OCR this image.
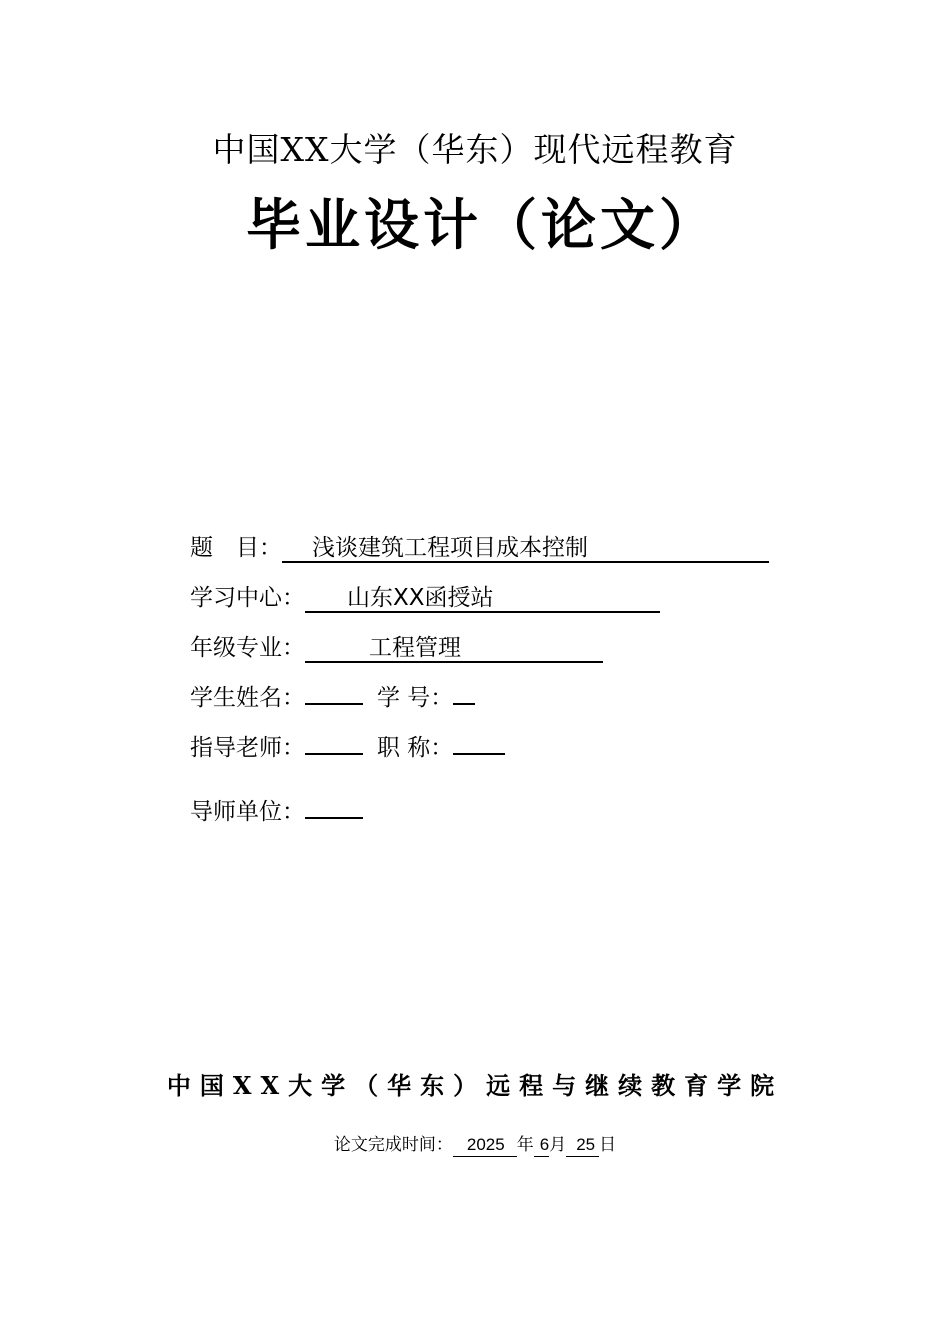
中国XX大学（华东）现代远程教育
毕业设计（论文）
题　目： 浅谈建筑工程项目成本控制
学习中心： 山东XX函授站
年级专业：	工程管理
学生姓名：	学 号：
指导老师：	职 称：
导师单位：
中国XX大学（华东）远程与继续教育学院
论文完成时间： 2025 年 6月 25 日
